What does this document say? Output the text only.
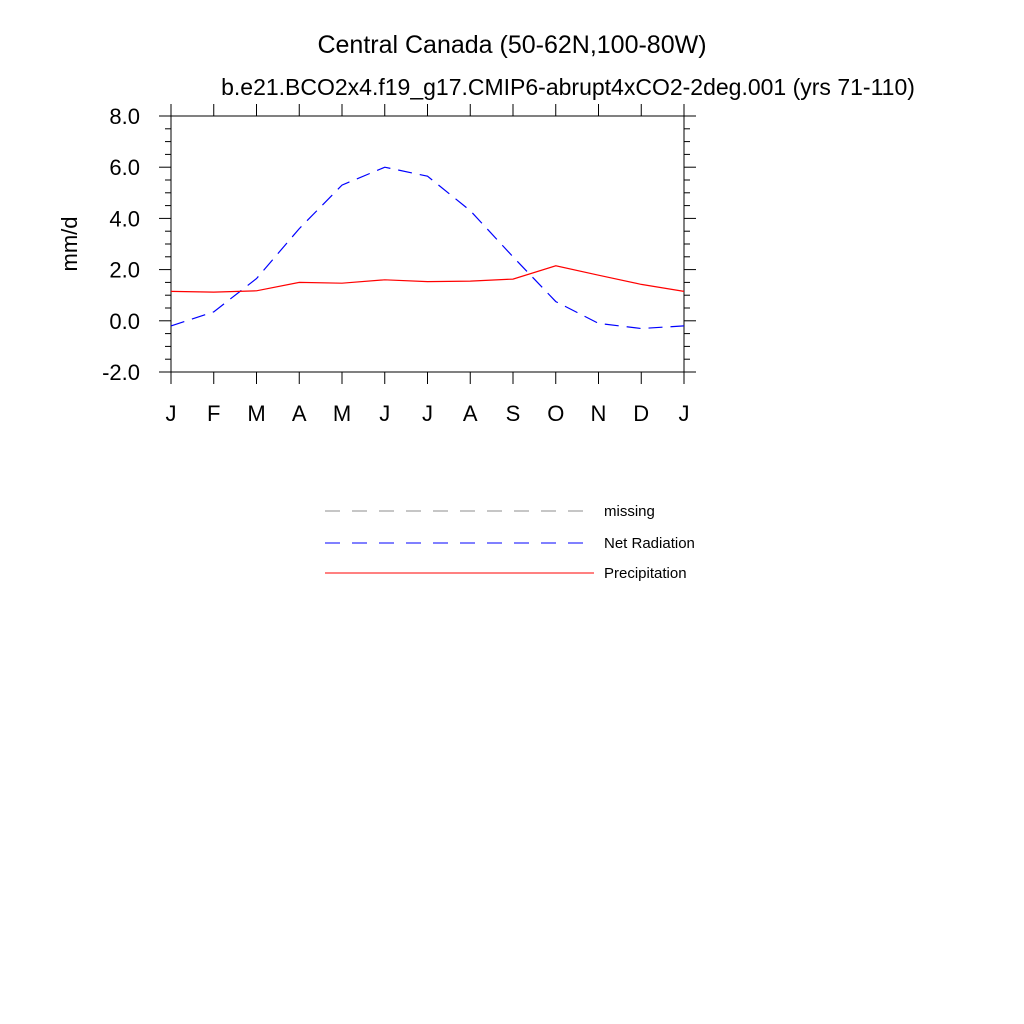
Central Canada (50-62N,100-80W)
b.e21.BCO2x4.f19_g17.CMIP6-abrupt4xCO2-2deg.001 (yrs 71-110)
mm/d
8.0
6.0
4.0
2.0
0.0
-2.0
J F M A M J J A S O N D J
missing
Net Radiation
Precipitation
